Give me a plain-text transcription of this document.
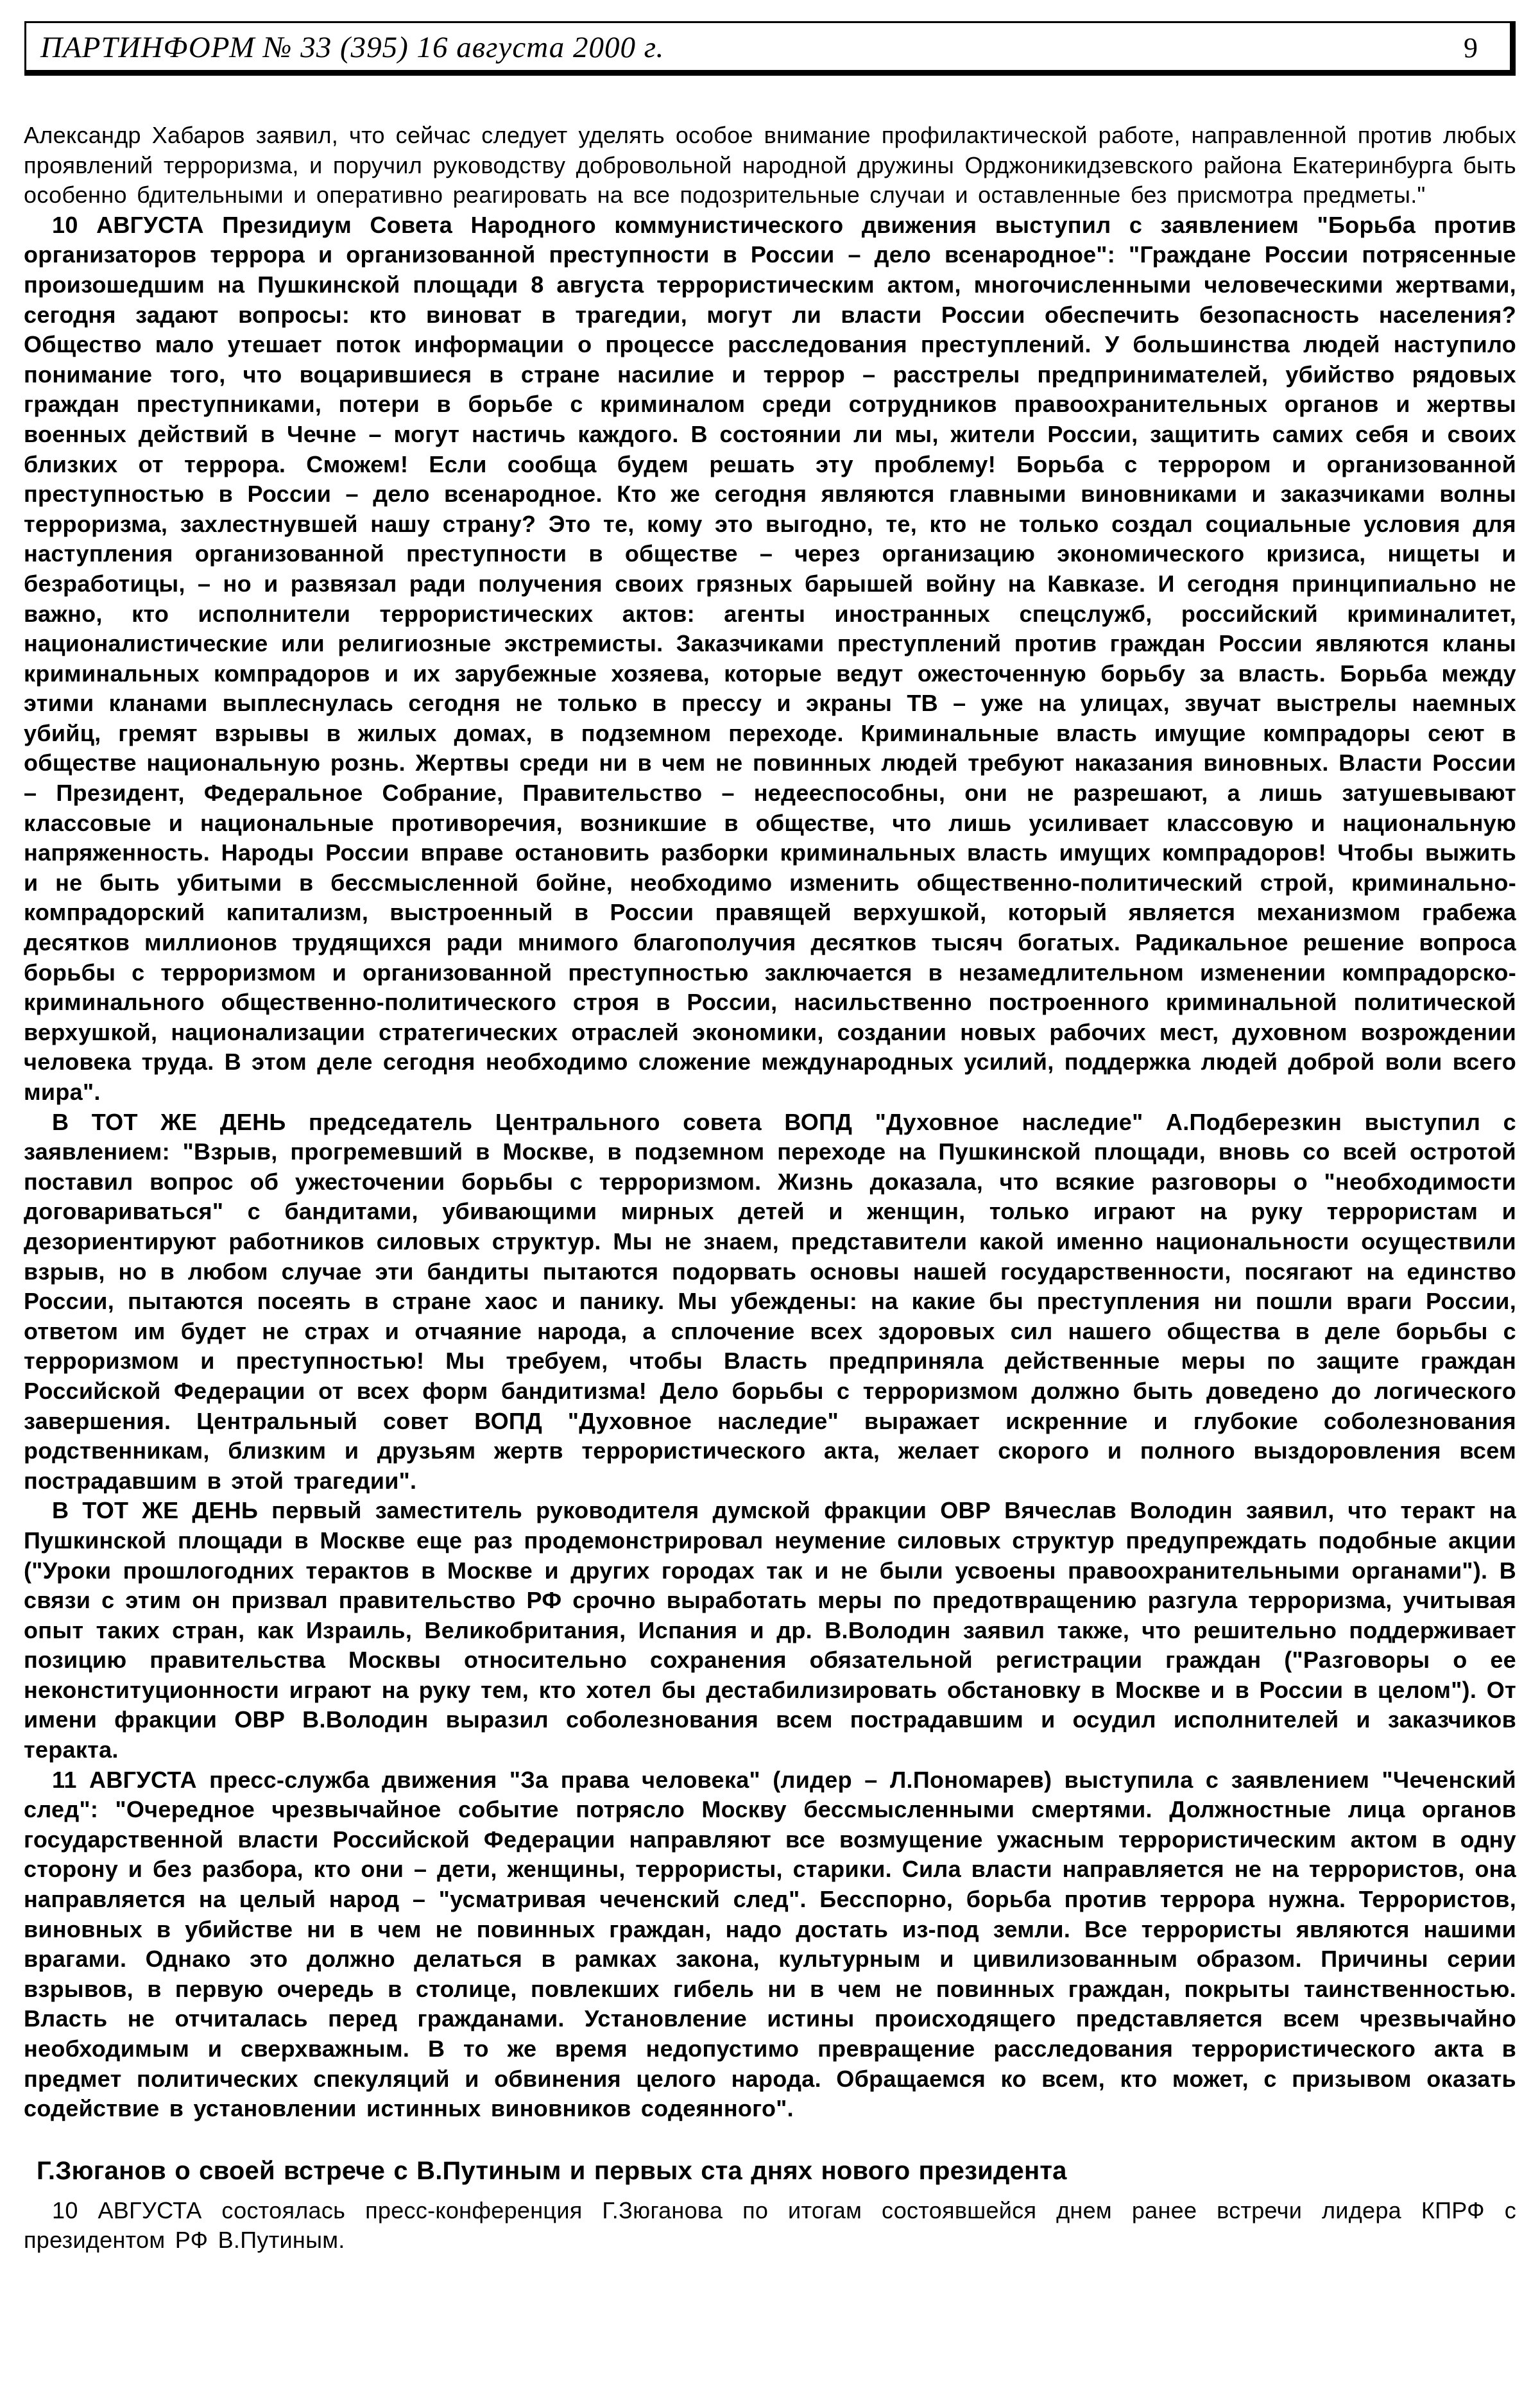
ПАРТИНФОРМ № 33 (395) 16 августа 2000 г.	9

Александр Хабаров заявил, что сейчас следует уделять особое внимание профилактической работе, направленной против любых проявлений терроризма, и поручил руководству добровольной народной дружины Орджоникидзевского района Екатеринбурга быть особенно бдительными и оперативно реагировать на все подозрительные случаи и оставленные без присмотра предметы."

10 АВГУСТА Президиум Совета Народного коммунистического движения выступил с заявлением "Борьба против организаторов террора и организованной преступности в России – дело всенародное": "Граждане России потрясенные произошедшим на Пушкинской площади 8 августа террористическим актом, многочисленными человеческими жертвами, сегодня задают вопросы: кто виноват в трагедии, могут ли власти России обеспечить безопасность населения? Общество мало утешает поток информации о процессе расследования преступлений. У большинства людей наступило понимание того, что воцарившиеся в стране насилие и террор – расстрелы предпринимателей, убийство рядовых граждан преступниками, потери в борьбе с криминалом среди сотрудников правоохранительных органов и жертвы военных действий в Чечне – могут настичь каждого. В состоянии ли мы, жители России, защитить самих себя и своих близких от террора. Сможем! Если сообща будем решать эту проблему! Борьба с террором и организованной преступностью в России – дело всенародное. Кто же сегодня являются главными виновниками и заказчиками волны терроризма, захлестнувшей нашу страну? Это те, кому это выгодно, те, кто не только создал социальные условия для наступления организованной преступности в обществе – через организацию экономического кризиса, нищеты и безработицы, – но и развязал ради получения своих грязных барышей войну на Кавказе. И сегодня принципиально не важно, кто исполнители террористических актов: агенты иностранных спецслужб, российский криминалитет, националистические или религиозные экстремисты. Заказчиками преступлений против граждан России являются кланы криминальных компрадоров и их зарубежные хозяева, которые ведут ожесточенную борьбу за власть. Борьба между этими кланами выплеснулась сегодня не только в прессу и экраны ТВ – уже на улицах, звучат выстрелы наемных убийц, гремят взрывы в жилых домах, в подземном переходе. Криминальные власть имущие компрадоры сеют в обществе национальную рознь. Жертвы среди ни в чем не повинных людей требуют наказания виновных. Власти России – Президент, Федеральное Собрание, Правительство – недееспособны, они не разрешают, а лишь затушевывают классовые и национальные противоречия, возникшие в обществе, что лишь усиливает классовую и национальную напряженность. Народы России вправе остановить разборки криминальных власть имущих компрадоров! Чтобы выжить и не быть убитыми в бессмысленной бойне, необходимо изменить общественно-политический строй, криминально-компрадорский капитализм, выстроенный в России правящей верхушкой, который является механизмом грабежа десятков миллионов трудящихся ради мнимого благополучия десятков тысяч богатых. Радикальное решение вопроса борьбы с терроризмом и организованной преступностью заключается в незамедлительном изменении компрадорско-криминального общественно-политического строя в России, насильственно построенного криминальной политической верхушкой, национализации стратегических отраслей экономики, создании новых рабочих мест, духовном возрождении человека труда. В этом деле сегодня необходимо сложение международных усилий, поддержка людей доброй воли всего мира".

В ТОТ ЖЕ ДЕНЬ председатель Центрального совета ВОПД "Духовное наследие" А.Подберезкин выступил с заявлением: "Взрыв, прогремевший в Москве, в подземном переходе на Пушкинской площади, вновь со всей остротой поставил вопрос об ужесточении борьбы с терроризмом. Жизнь доказала, что всякие разговоры о "необходимости договариваться" с бандитами, убивающими мирных детей и женщин, только играют на руку террористам и дезориентируют работников силовых структур. Мы не знаем, представители какой именно национальности осуществили взрыв, но в любом случае эти бандиты пытаются подорвать основы нашей государственности, посягают на единство России, пытаются посеять в стране хаос и панику. Мы убеждены: на какие бы преступления ни пошли враги России, ответом им будет не страх и отчаяние народа, а сплочение всех здоровых сил нашего общества в деле борьбы с терроризмом и преступностью! Мы требуем, чтобы Власть предприняла действенные меры по защите граждан Российской Федерации от всех форм бандитизма! Дело борьбы с терроризмом должно быть доведено до логического завершения. Центральный совет ВОПД "Духовное наследие" выражает искренние и глубокие соболезнования родственникам, близким и друзьям жертв террористического акта, желает скорого и полного выздоровления всем пострадавшим в этой трагедии".

В ТОТ ЖЕ ДЕНЬ первый заместитель руководителя думской фракции ОВР Вячеслав Володин заявил, что теракт на Пушкинской площади в Москве еще раз продемонстрировал неумение силовых структур предупреждать подобные акции ("Уроки прошлогодних терактов в Москве и других городах так и не были усвоены правоохранительными органами"). В связи с этим он призвал правительство РФ срочно выработать меры по предотвращению разгула терроризма, учитывая опыт таких стран, как Израиль, Великобритания, Испания и др. В.Володин заявил также, что решительно поддерживает позицию правительства Москвы относительно сохранения обязательной регистрации граждан ("Разговоры о ее неконституционности играют на руку тем, кто хотел бы дестабилизировать обстановку в Москве и в России в целом"). От имени фракции ОВР В.Володин выразил соболезнования всем пострадавшим и осудил исполнителей и заказчиков теракта.

11 АВГУСТА пресс-служба движения "За права человека" (лидер – Л.Пономарев) выступила с заявлением "Чеченский след": "Очередное чрезвычайное событие потрясло Москву бессмысленными смертями. Должностные лица органов государственной власти Российской Федерации направляют все возмущение ужасным террористическим актом в одну сторону и без разбора, кто они – дети, женщины, террористы, старики. Сила власти направляется не на террористов, она направляется на целый народ – "усматривая чеченский след". Бесспорно, борьба против террора нужна. Террористов, виновных в убийстве ни в чем не повинных граждан, надо достать из-под земли. Все террористы являются нашими врагами. Однако это должно делаться в рамках закона, культурным и цивилизованным образом. Причины серии взрывов, в первую очередь в столице, повлекших гибель ни в чем не повинных граждан, покрыты таинственностью. Власть не отчиталась перед гражданами. Установление истины происходящего представляется всем чрезвычайно необходимым и сверхважным. В то же время недопустимо превращение расследования террористического акта в предмет политических спекуляций и обвинения целого народа. Обращаемся ко всем, кто может, с призывом оказать содействие в установлении истинных виновников содеянного".

Г.Зюганов о своей встрече с В.Путиным и первых ста днях нового президента

10 АВГУСТА состоялась пресс-конференция Г.Зюганова по итогам состоявшейся днем ранее встречи лидера КПРФ с президентом РФ В.Путиным.
